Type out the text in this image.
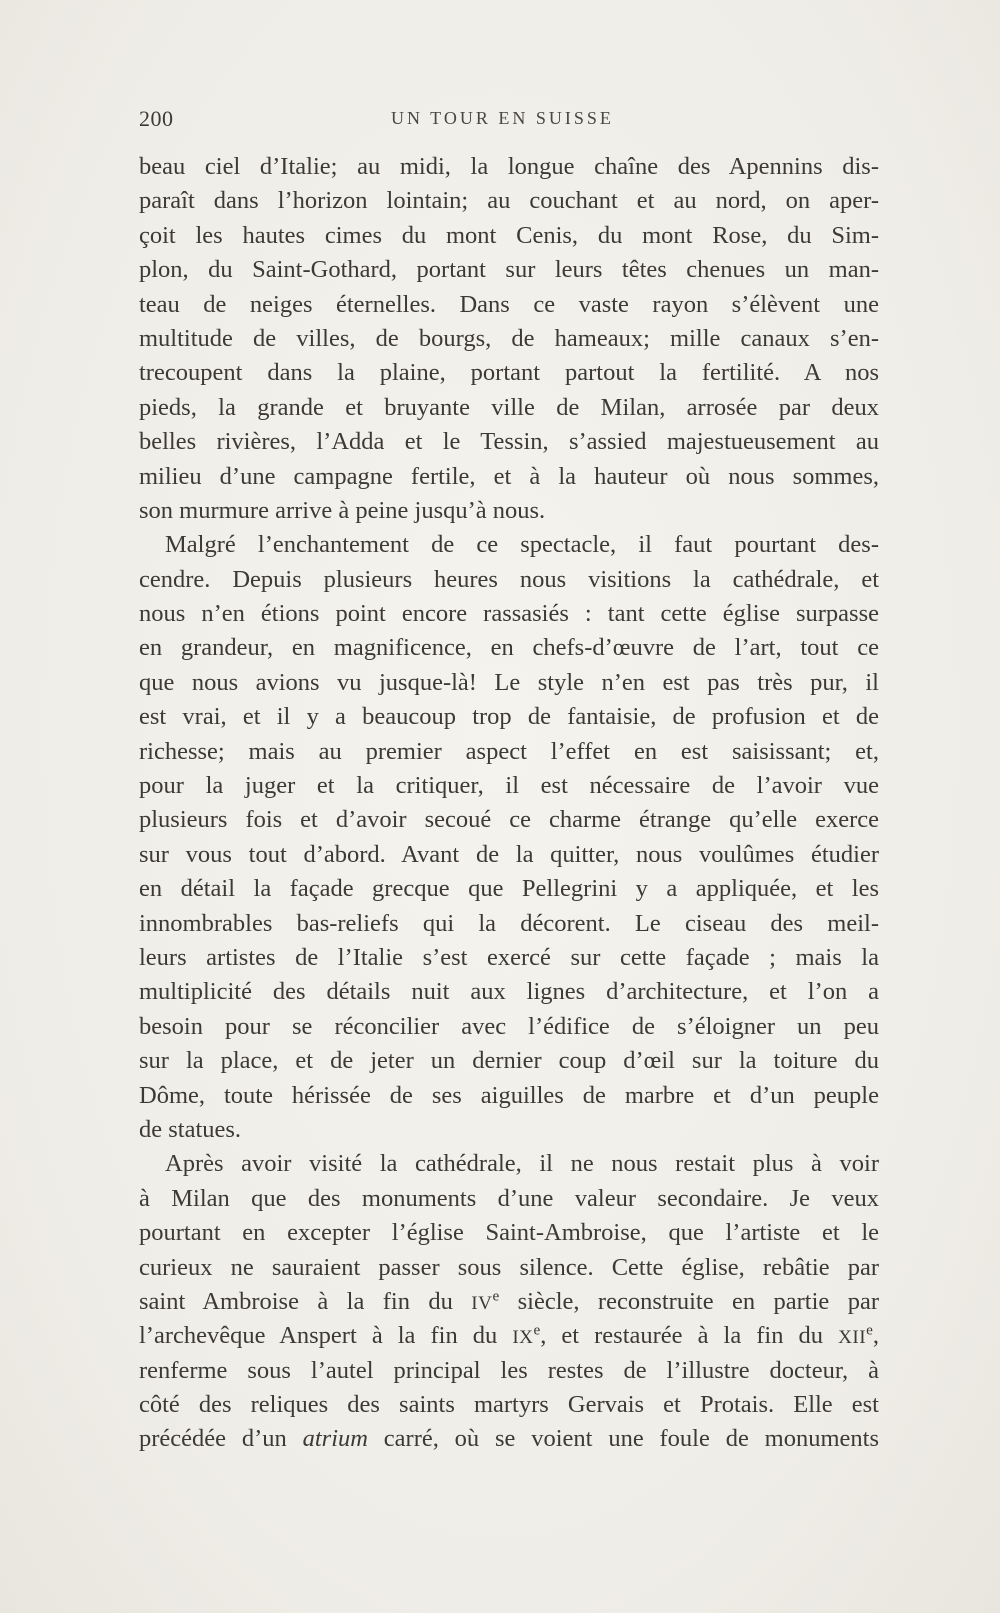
200	UN TOUR EN SUISSE
beau ciel d’Italie; au midi, la longue chaîne des Apennins dis-
paraît dans l’horizon lointain; au couchant et au nord, on aper-
çoit les hautes cimes du mont Cenis, du mont Rose, du Sim-
plon, du Saint-Gothard, portant sur leurs têtes chenues un man-
teau de neiges éternelles. Dans ce vaste rayon s’élèvent une
multitude de villes, de bourgs, de hameaux; mille canaux s’en-
trecoupent dans la plaine, portant partout la fertilité. A nos
pieds, la grande et bruyante ville de Milan, arrosée par deux
belles rivières, l’Adda et le Tessin, s’assied majestueusement au
milieu d’une campagne fertile, et à la hauteur où nous sommes,
son murmure arrive à peine jusqu’à nous.
Malgré l’enchantement de ce spectacle, il faut pourtant des-
cendre. Depuis plusieurs heures nous visitions la cathédrale, et
nous n’en étions point encore rassasiés : tant cette église surpasse
en grandeur, en magnificence, en chefs-d’œuvre de l’art, tout ce
que nous avions vu jusque-là! Le style n’en est pas très pur, il
est vrai, et il y a beaucoup trop de fantaisie, de profusion et de
richesse; mais au premier aspect l’effet en est saisissant; et,
pour la juger et la critiquer, il est nécessaire de l’avoir vue
plusieurs fois et d’avoir secoué ce charme étrange qu’elle exerce
sur vous tout d’abord. Avant de la quitter, nous voulûmes étudier
en détail la façade grecque que Pellegrini y a appliquée, et les
innombrables bas-reliefs qui la décorent. Le ciseau des meil-
leurs artistes de l’Italie s’est exercé sur cette façade ; mais la
multiplicité des détails nuit aux lignes d’architecture, et l’on a
besoin pour se réconcilier avec l’édifice de s’éloigner un peu
sur la place, et de jeter un dernier coup d’œil sur la toiture du
Dôme, toute hérissée de ses aiguilles de marbre et d’un peuple
de statues.
Après avoir visité la cathédrale, il ne nous restait plus à voir
à Milan que des monuments d’une valeur secondaire. Je veux
pourtant en excepter l’église Saint-Ambroise, que l’artiste et le
curieux ne sauraient passer sous silence. Cette église, rebâtie par
saint Ambroise à la fin du IVe siècle, reconstruite en partie par
l’archevêque Anspert à la fin du IXe, et restaurée à la fin du XIIe,
renferme sous l’autel principal les restes de l’illustre docteur, à
côté des reliques des saints martyrs Gervais et Protais. Elle est
précédée d’un atrium carré, où se voient une foule de monuments
